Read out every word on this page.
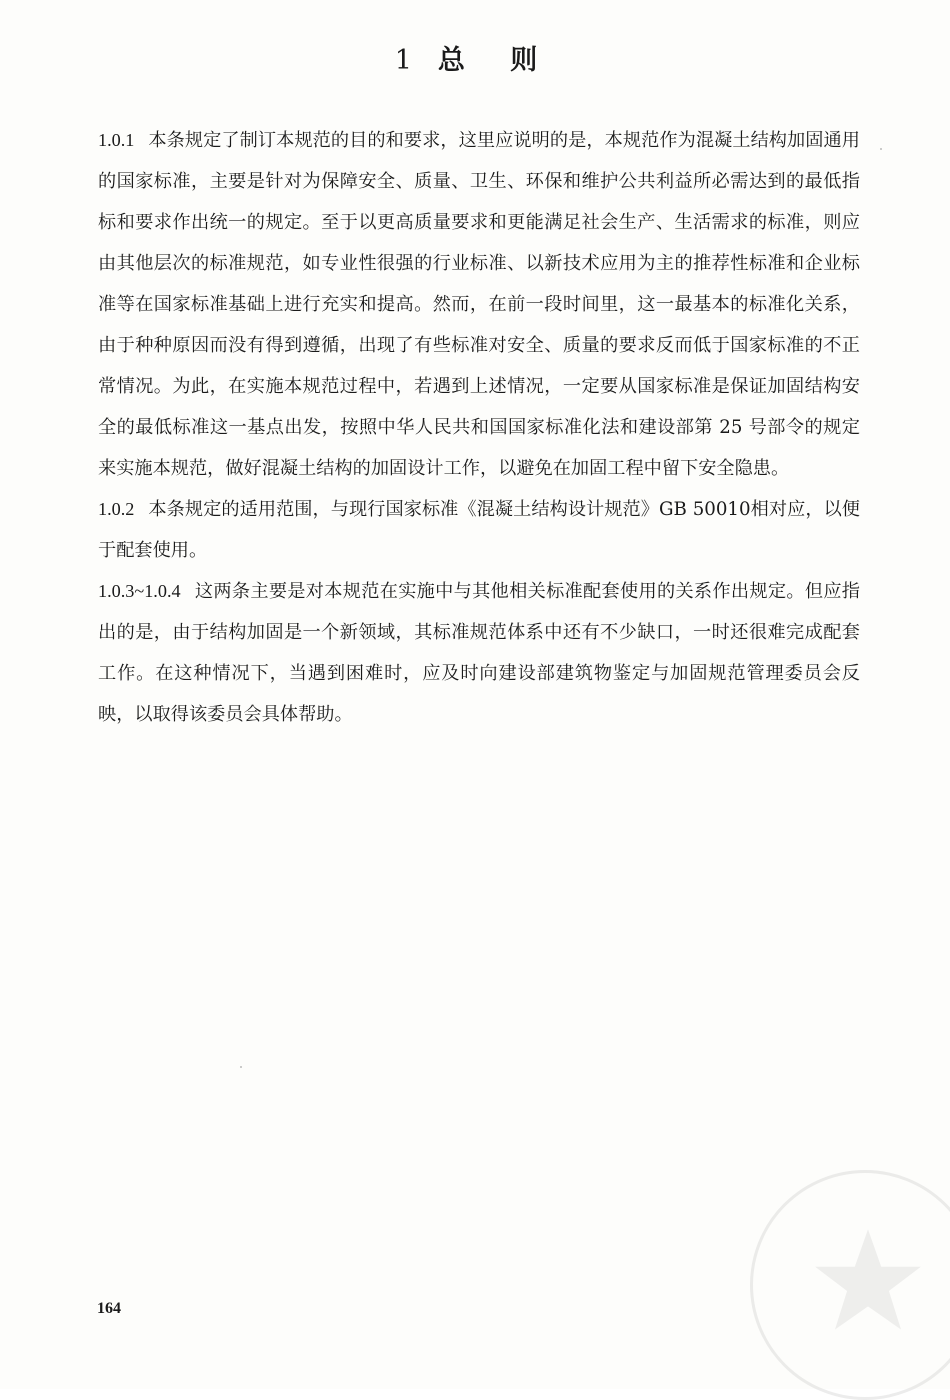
1 总 则

1.0.1 本条规定了制订本规范的目的和要求，这里应说明的是，本规范作为混凝土结构加固通用的国家标准，主要是针对为保障安全、质量、卫生、环保和维护公共利益所必需达到的最低指标和要求作出统一的规定。至于以更高质量要求和更能满足社会生产、生活需求的标准，则应由其他层次的标准规范，如专业性很强的行业标准、以新技术应用为主的推荐性标准和企业标准等在国家标准基础上进行充实和提高。然而，在前一段时间里，这一最基本的标准化关系，由于种种原因而没有得到遵循，出现了有些标准对安全、质量的要求反而低于国家标准的不正常情况。为此，在实施本规范过程中，若遇到上述情况，一定要从国家标准是保证加固结构安全的最低标准这一基点出发，按照中华人民共和国国家标准化法和建设部第 25 号部令的规定来实施本规范，做好混凝土结构的加固设计工作，以避免在加固工程中留下安全隐患。

1.0.2 本条规定的适用范围，与现行国家标准《混凝土结构设计规范》GB 50010相对应，以便于配套使用。

1.0.3~1.0.4 这两条主要是对本规范在实施中与其他相关标准配套使用的关系作出规定。但应指出的是，由于结构加固是一个新领域，其标准规范体系中还有不少缺口，一时还很难完成配套工作。在这种情况下，当遇到困难时，应及时向建设部建筑物鉴定与加固规范管理委员会反映，以取得该委员会具体帮助。

164
